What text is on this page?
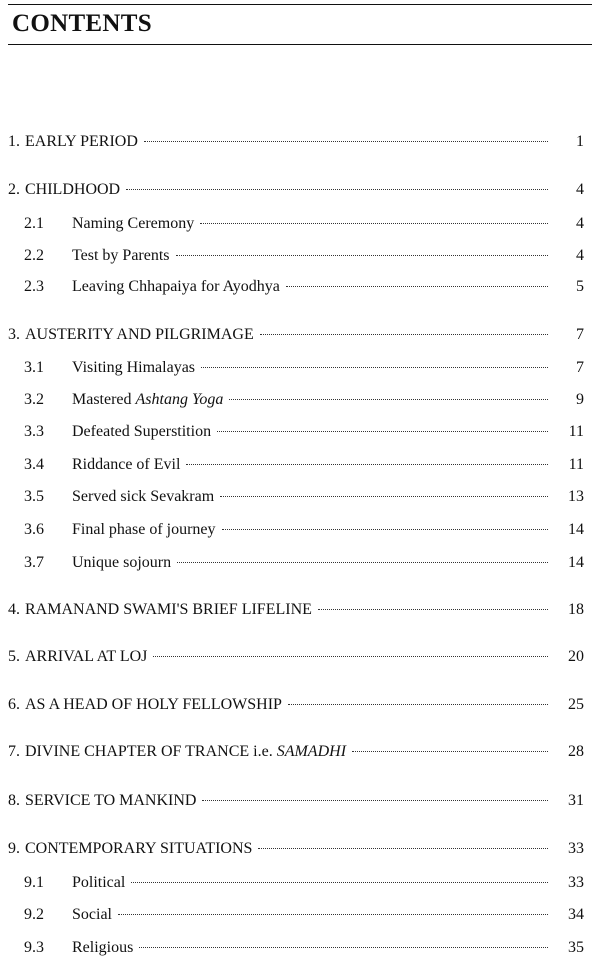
CONTENTS
1. EARLY PERIOD	1
2. CHILDHOOD	4
2.1	Naming Ceremony	4
2.2	Test by Parents	4
2.3	Leaving Chhapaiya for Ayodhya	5
3. AUSTERITY AND PILGRIMAGE	7
3.1	Visiting Himalayas	7
3.2	Mastered Ashtang Yoga	9
3.3	Defeated Superstition	11
3.4	Riddance of Evil	11
3.5	Served sick Sevakram	13
3.6	Final phase of journey	14
3.7	Unique sojourn	14
4. RAMANAND SWAMI'S BRIEF LIFELINE	18
5. ARRIVAL AT LOJ	20
6. AS A HEAD OF HOLY FELLOWSHIP	25
7. DIVINE CHAPTER OF TRANCE i.e. SAMADHI	28
8. SERVICE TO MANKIND	31
9. CONTEMPORARY SITUATIONS	33
9.1	Political	33
9.2	Social	34
9.3	Religious	35
